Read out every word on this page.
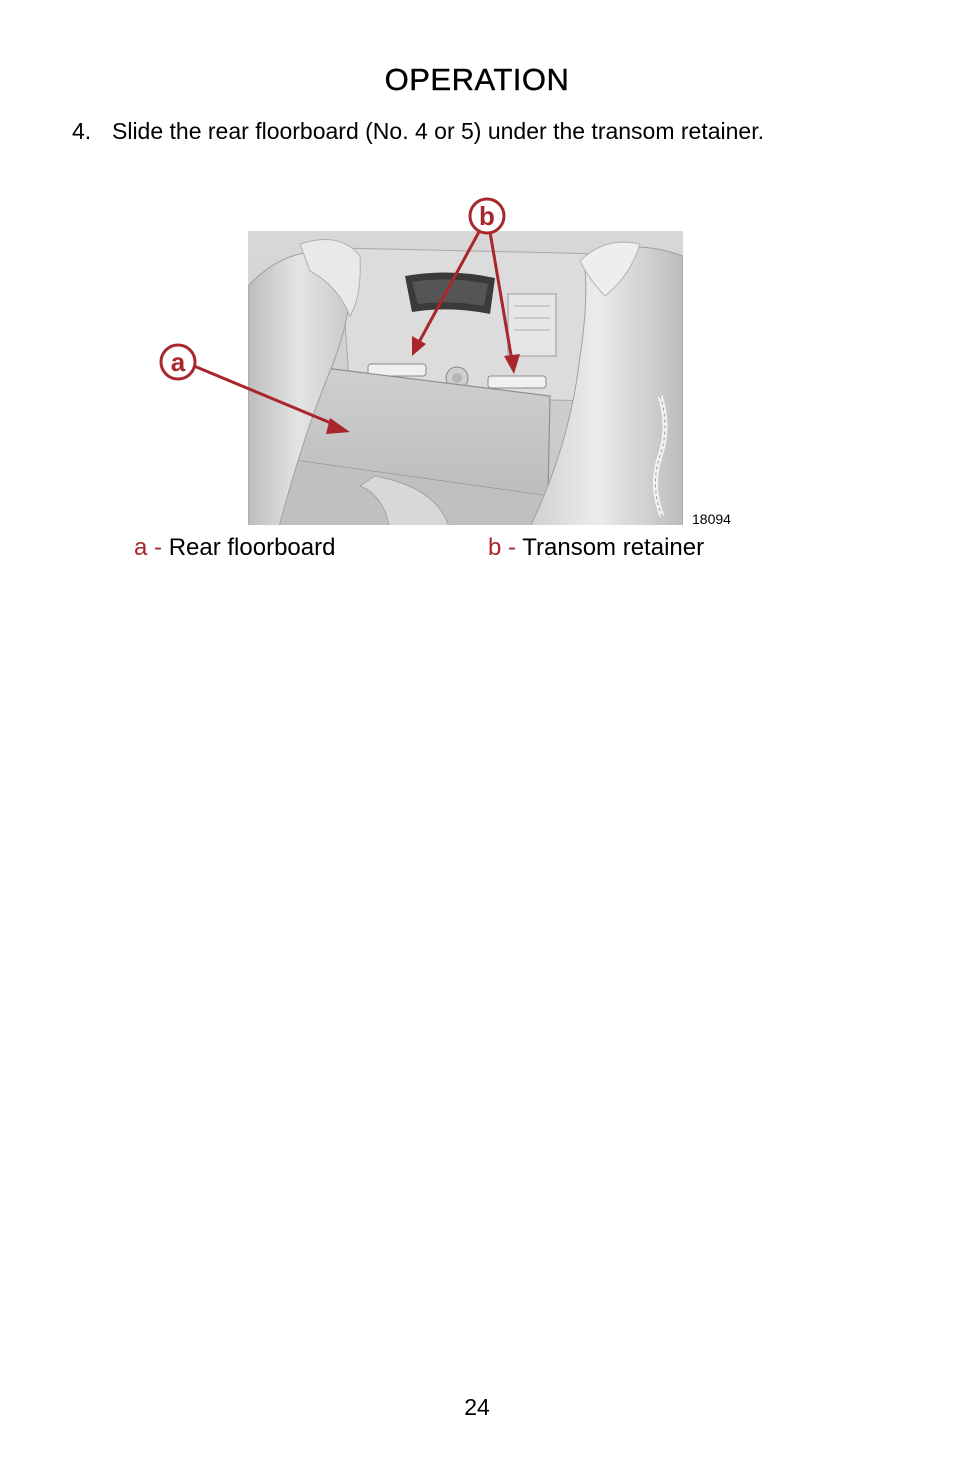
OPERATION
4. Slide the rear floorboard (No. 4 or 5) under the transom retainer.
b
a
18094
a - Rear floorboard	b - Transom retainer
24
